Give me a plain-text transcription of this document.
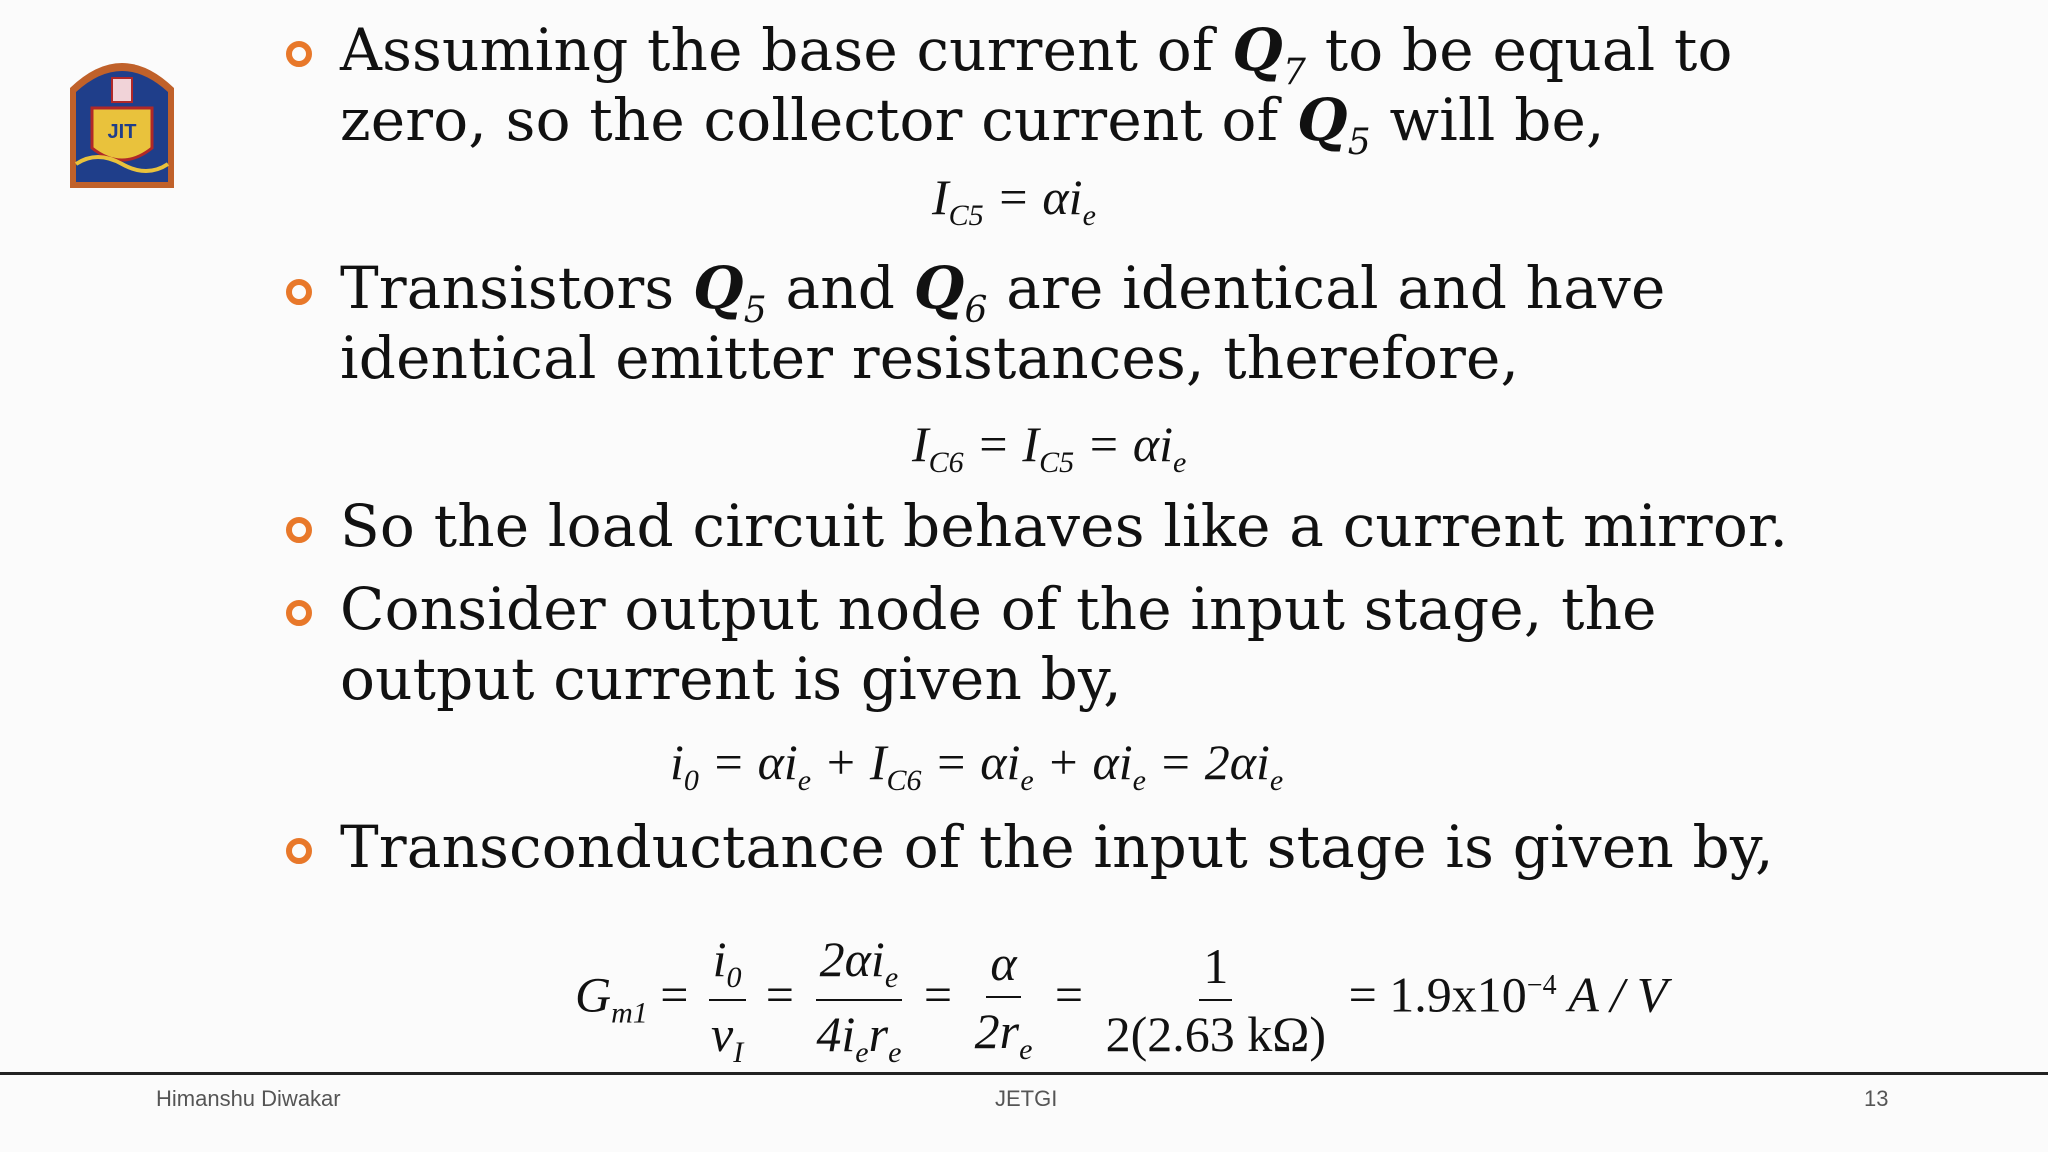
JIT
Assuming the base current of $Q_7$ to be equal to
zero, so the collector current of $Q_5$ will be,
$I_{C5} = \alpha i_e$
Transistors $Q_5$ and $Q_6$ are identical and have
identical emitter resistances, therefore,
$I_{C6} = I_{C5} = \alpha i_e$
So the load circuit behaves like a current mirror.
Consider output node of the input stage, the
output current is given by,
$i_0 = \alpha i_e + I_{C6} = \alpha i_e + \alpha i_e = 2\alpha i_e$
Transconductance of the input stage is given by,
$G_{m1} = \frac{i_0}{v_I} = \frac{2\alpha i_e}{4i_er_e} = \frac{\alpha}{2r_e} = \frac{1}{2(2.63 k\Omega)} = 1.9x10^{-4}$ A / V
Himanshu Diwakar	JETGI	13
